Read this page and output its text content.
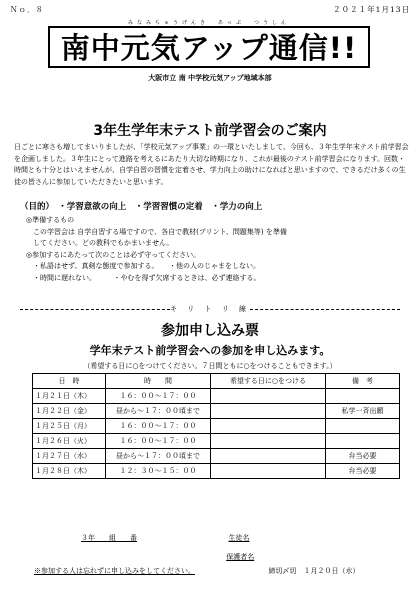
Ｎｏ．８	２０２１年1月13日
みなみちゅうげんき　あっぷ　つうしん
南中元気アップ通信!!
大阪市立 南 中学校元気アップ地域本部
3年生学年末テスト前学習会のご案内
日ごとに寒さも増してまいりましたが、「学校元気アップ事業」の一環といたしまして、今回も、３年生学年末テスト前学習会を企画しました。３年生にとって進路を考えるにあたり大切な時期になり、これが最後のテスト前学習会になります。回数・時間とも十分とはいえませんが、自学自習の習慣を定着させ、学力向上の助けになればと思いますので、できるだけ多くの生徒の皆さんに参加していただきたいと思います。
（目的）　・学習意欲の向上　・学習習慣の定着　・学力の向上
◎準備するもの
　この学習会は 自学自習する場ですので、各自で教材(プリント、問題集等) を準備
　してください。どの教科でもかまいません。
◎参加するにあたって次のことは必ず守ってください。
　・私語はせず、真剣な態度で参加する。　　・他の人のじゃまをしない。
　・時間に遅れない。　　　・やむを得ず欠席するときは、必ず連絡する。
キ リ ト リ 線
参加申し込み票
学年末テスト前学習会への参加を申し込みます。
（希望する日に○をつけてください。７日間ともに○をつけることもできます。）
日　時	時　　間	希望する日に○をつける	備　考
１月２１日（木）	１６：００～１７：００		
１月２２日（金）	昼から～１７：００頃まで		私学一斉出願
１月２５日（月）	１６：００～１７：００		
１月２６日（火）	１６：００～１７：００		
１月２７日（水）	昼から～１７：００頃まで		弁当必要
１月２８日（木）	１２：３０～１５：００		弁当必要
３年　　組　　番	生徒名
保護者名
※参加する人は忘れずに申し込みをしてください。	締切〆切　１月２０日（水）
